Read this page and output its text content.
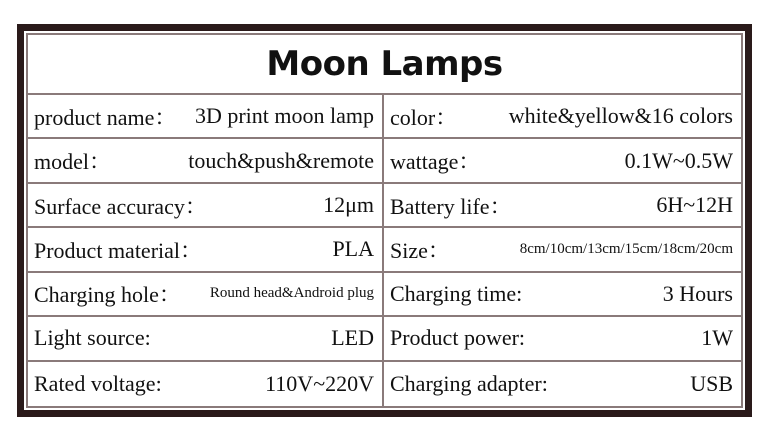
Moon Lamps
product name： 3D print moon lamp color： white&yellow&16 colors
model：	touch&push&remote wattage：	0.1W~0.5W
Surface accuracy：	12μm Battery life：	6H~12H
Product material：	PLA Size：	8cm/10cm/13cm/15cm/18cm/20cm
Charging hole： Round head&Android plug Charging time:	3 Hours
Light source:	LED Product power:	1W
Rated voltage:	110V~220V Charging adapter:	USB
